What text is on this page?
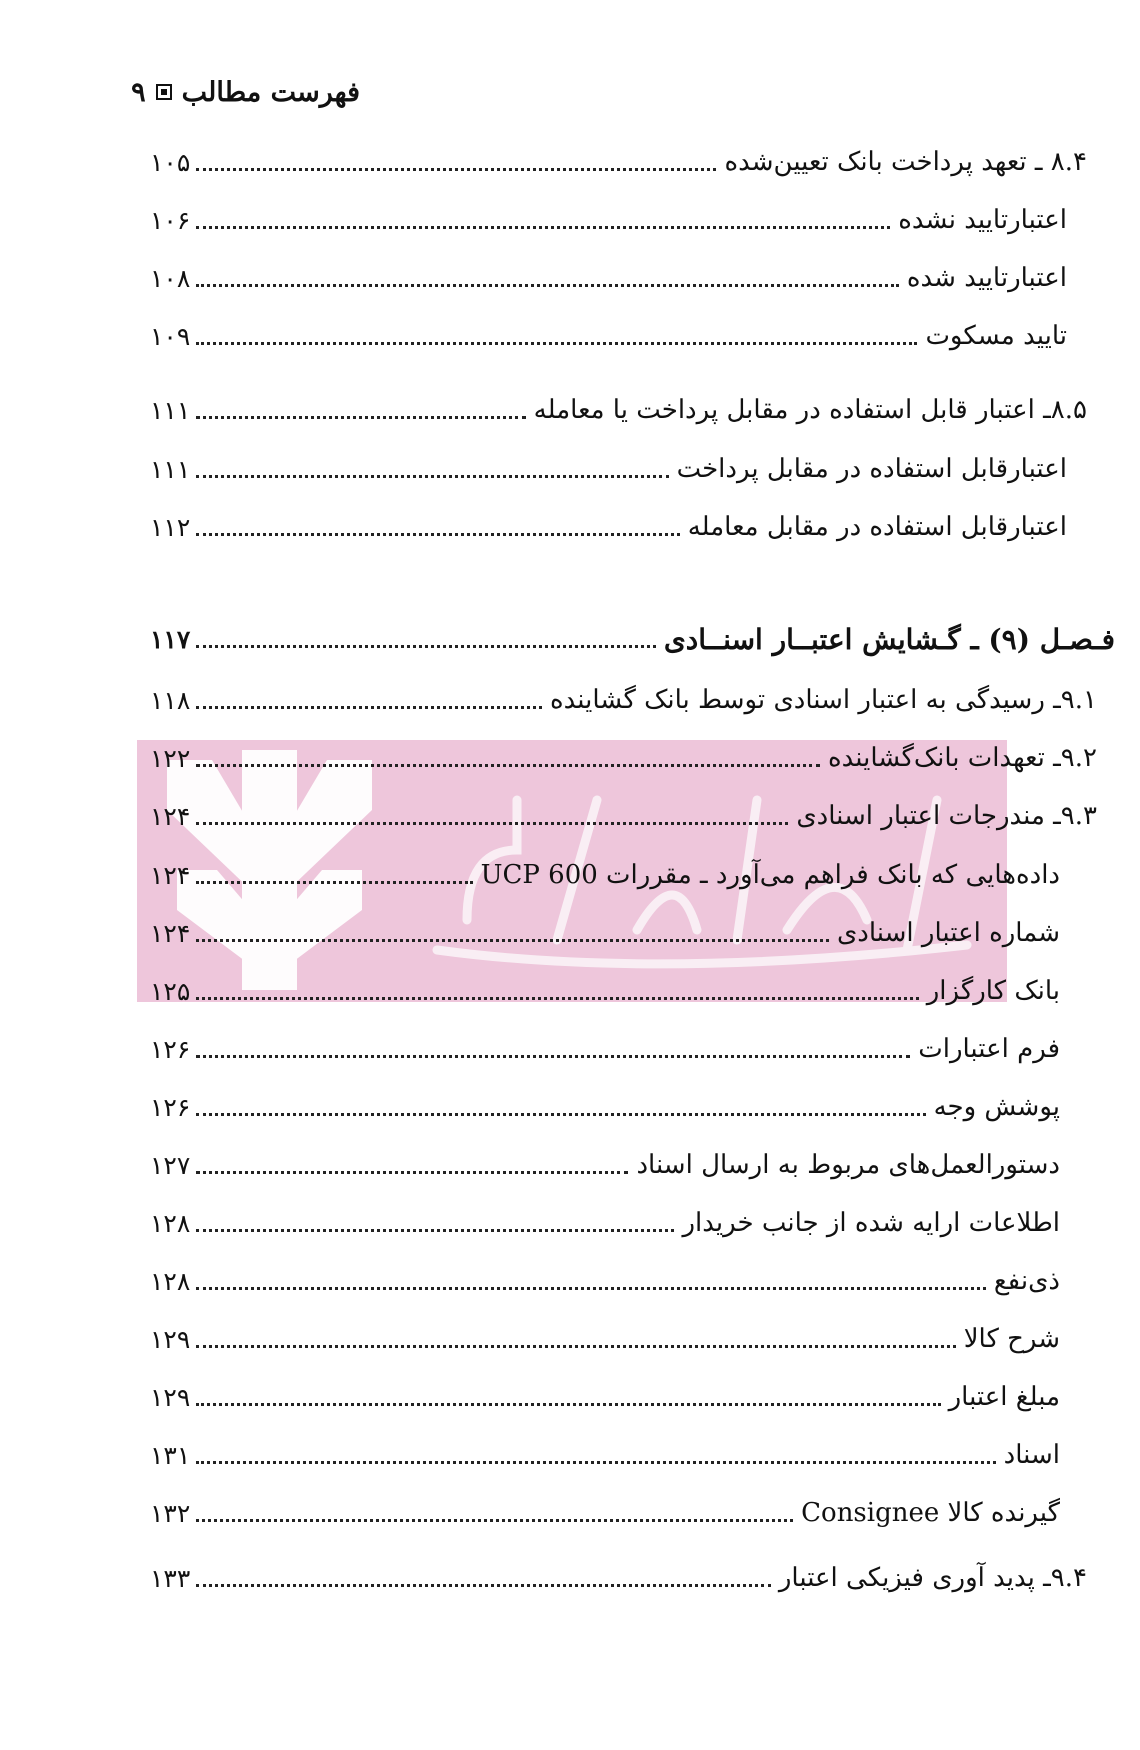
فهرست مطالب
۹
۸.۴ ـ تعهد پرداخت بانک تعیین‌شده
۱۰۵
اعتبارتایید نشده
۱۰۶
اعتبارتایید شده
۱۰۸
تایید مسکوت
۱۰۹
۸.۵ـ اعتبار قابل استفاده در مقابل پرداخت یا معامله
۱۱۱
اعتبارقابل استفاده در مقابل پرداخت
۱۱۱
اعتبارقابل استفاده در مقابل معامله
۱۱۲
فـصـل (۹) ـ گـشایش اعتبــار اسنــادی
۱۱۷
۹.۱ـ رسیدگی به اعتبار اسنادی توسط بانک گشاینده
۱۱۸
۹.۲ـ تعهدات بانک‌گشاینده
۱۲۲
۹.۳ـ مندرجات اعتبار اسنادی
۱۲۴
داده‌هایی که بانک فراهم می‌آورد ـ مقررات UCP 600
۱۲۴
شماره اعتبار اسنادی
۱۲۴
بانک کارگزار
۱۲۵
فرم اعتبارات
۱۲۶
پوشش وجه
۱۲۶
دستورالعمل‌های مربوط به ارسال اسناد
۱۲۷
اطلاعات ارایه شده از جانب خریدار
۱۲۸
ذی‌نفع
۱۲۸
شرح کالا
۱۲۹
مبلغ اعتبار
۱۲۹
اسناد
۱۳۱
گیرنده کالا Consignee
۱۳۲
۹.۴ـ پدید آوری فیزیکی اعتبار
۱۳۳
